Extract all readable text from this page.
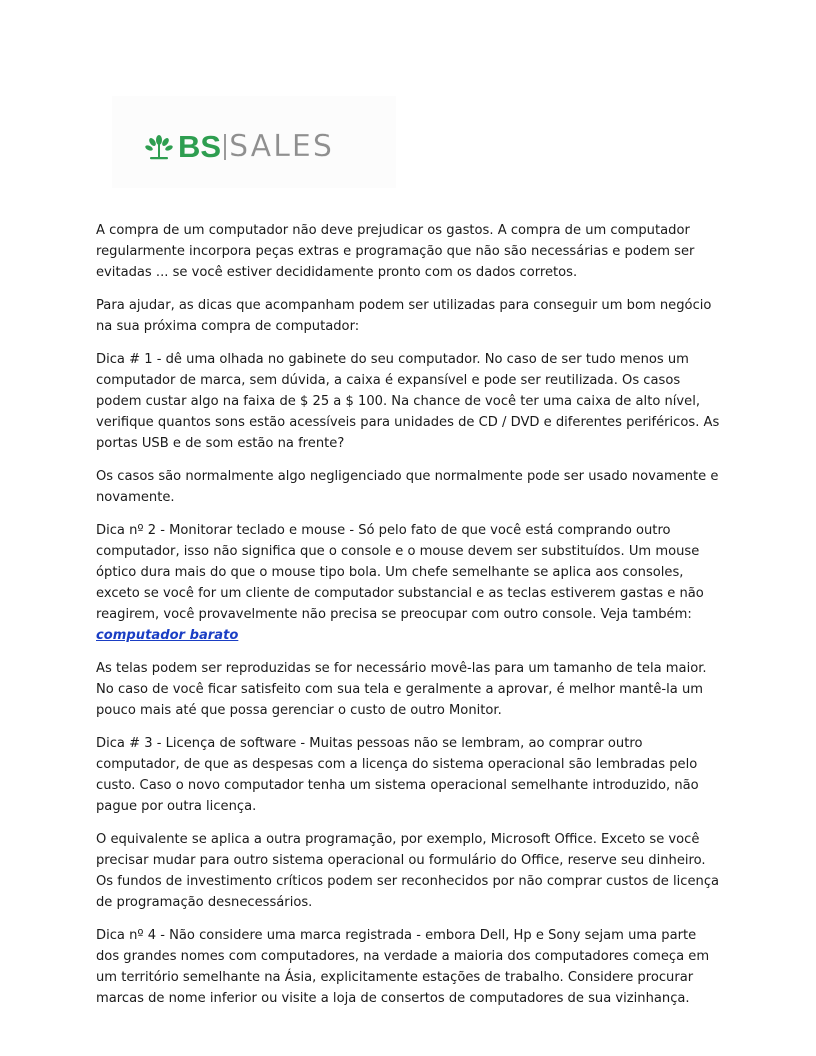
BS SALES

A compra de um computador não deve prejudicar os gastos. A compra de um computador regularmente incorpora peças extras e programação que não são necessárias e podem ser evitadas ... se você estiver decididamente pronto com os dados corretos.

Para ajudar, as dicas que acompanham podem ser utilizadas para conseguir um bom negócio na sua próxima compra de computador:

Dica # 1 - dê uma olhada no gabinete do seu computador. No caso de ser tudo menos um computador de marca, sem dúvida, a caixa é expansível e pode ser reutilizada. Os casos podem custar algo na faixa de $ 25 a $ 100. Na chance de você ter uma caixa de alto nível, verifique quantos sons estão acessíveis para unidades de CD / DVD e diferentes periféricos. As portas USB e de som estão na frente?

Os casos são normalmente algo negligenciado que normalmente pode ser usado novamente e novamente.

Dica nº 2 - Monitorar teclado e mouse - Só pelo fato de que você está comprando outro computador, isso não significa que o console e o mouse devem ser substituídos. Um mouse óptico dura mais do que o mouse tipo bola. Um chefe semelhante se aplica aos consoles, exceto se você for um cliente de computador substancial e as teclas estiverem gastas e não reagirem, você provavelmente não precisa se preocupar com outro console. Veja também: computador barato

As telas podem ser reproduzidas se for necessário movê-las para um tamanho de tela maior. No caso de você ficar satisfeito com sua tela e geralmente a aprovar, é melhor mantê-la um pouco mais até que possa gerenciar o custo de outro Monitor.

Dica # 3 - Licença de software - Muitas pessoas não se lembram, ao comprar outro computador, de que as despesas com a licença do sistema operacional são lembradas pelo custo. Caso o novo computador tenha um sistema operacional semelhante introduzido, não pague por outra licença.

O equivalente se aplica a outra programação, por exemplo, Microsoft Office. Exceto se você precisar mudar para outro sistema operacional ou formulário do Office, reserve seu dinheiro. Os fundos de investimento críticos podem ser reconhecidos por não comprar custos de licença de programação desnecessários.

Dica nº 4 - Não considere uma marca registrada - embora Dell, Hp e Sony sejam uma parte dos grandes nomes com computadores, na verdade a maioria dos computadores começa em um território semelhante na Ásia, explicitamente estações de trabalho. Considere procurar marcas de nome inferior ou visite a loja de consertos de computadores de sua vizinhança.
